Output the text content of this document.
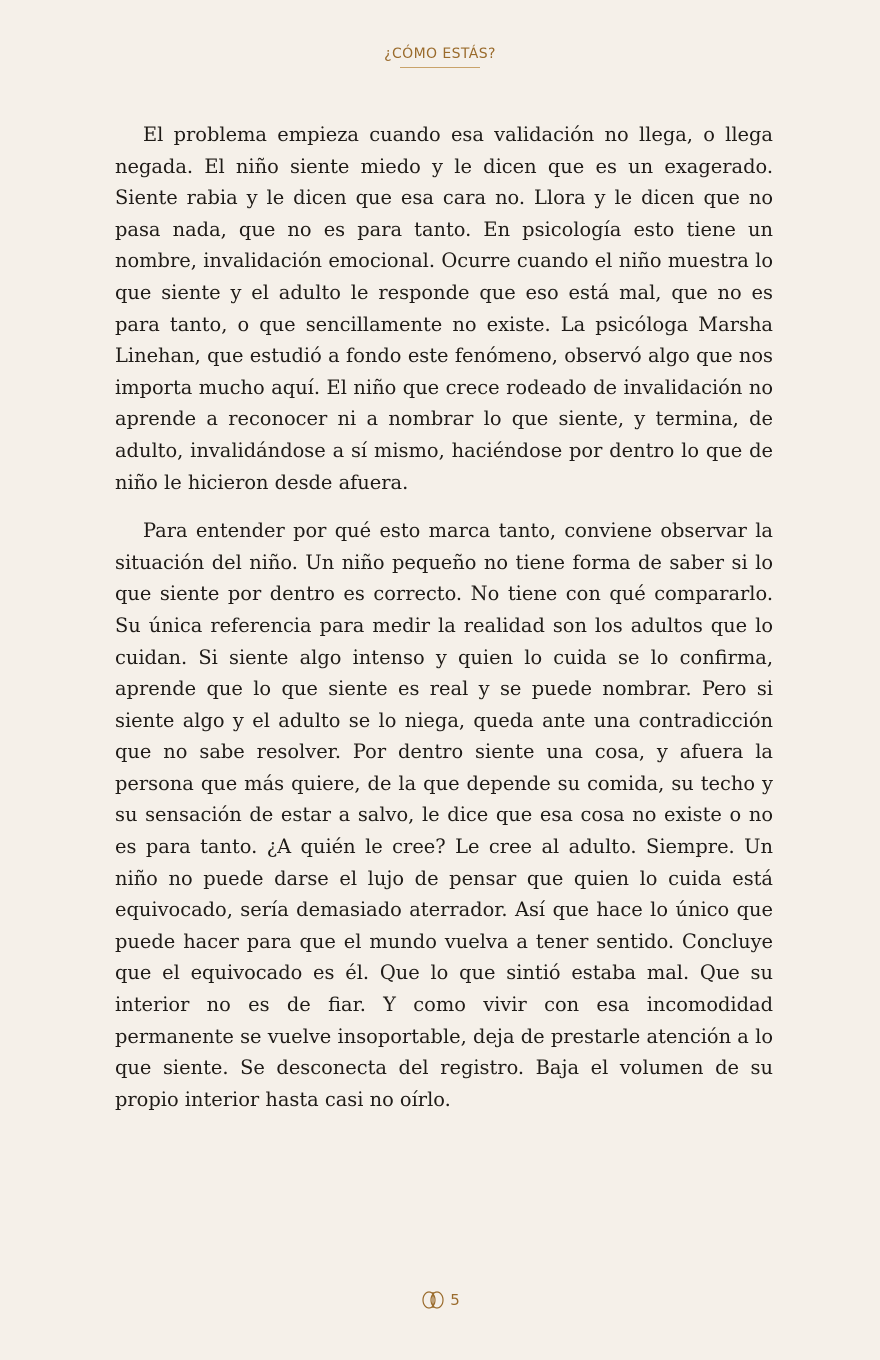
¿CÓMO ESTÁS?

El problema empieza cuando esa validación no llega, o llega negada. El niño siente miedo y le dicen que es un exagerado. Siente rabia y le dicen que esa cara no. Llora y le dicen que no pasa nada, que no es para tanto. En psicología esto tiene un nombre, invalidación emocional. Ocurre cuando el niño muestra lo que siente y el adulto le responde que eso está mal, que no es para tanto, o que sencillamente no existe. La psicóloga Marsha Linehan, que estudió a fondo este fenómeno, observó algo que nos importa mucho aquí. El niño que crece rodeado de invalidación no aprende a reconocer ni a nombrar lo que siente, y termina, de adulto, invalidándose a sí mismo, haciéndose por dentro lo que de niño le hicieron desde afuera.

Para entender por qué esto marca tanto, conviene observar la situación del niño. Un niño pequeño no tiene forma de saber si lo que siente por dentro es correcto. No tiene con qué compararlo. Su única referencia para medir la realidad son los adultos que lo cuidan. Si siente algo intenso y quien lo cuida se lo confirma, aprende que lo que siente es real y se puede nombrar. Pero si siente algo y el adulto se lo niega, queda ante una contradicción que no sabe resolver. Por dentro siente una cosa, y afuera la persona que más quiere, de la que depende su comida, su techo y su sensación de estar a salvo, le dice que esa cosa no existe o no es para tanto. ¿A quién le cree? Le cree al adulto. Siempre. Un niño no puede darse el lujo de pensar que quien lo cuida está equivocado, sería demasiado aterrador. Así que hace lo único que puede hacer para que el mundo vuelva a tener sentido. Concluye que el equivocado es él. Que lo que sintió estaba mal. Que su interior no es de fiar. Y como vivir con esa incomodidad permanente se vuelve insoportable, deja de prestarle atención a lo que siente. Se desconecta del registro. Baja el volumen de su propio interior hasta casi no oírlo.

5
